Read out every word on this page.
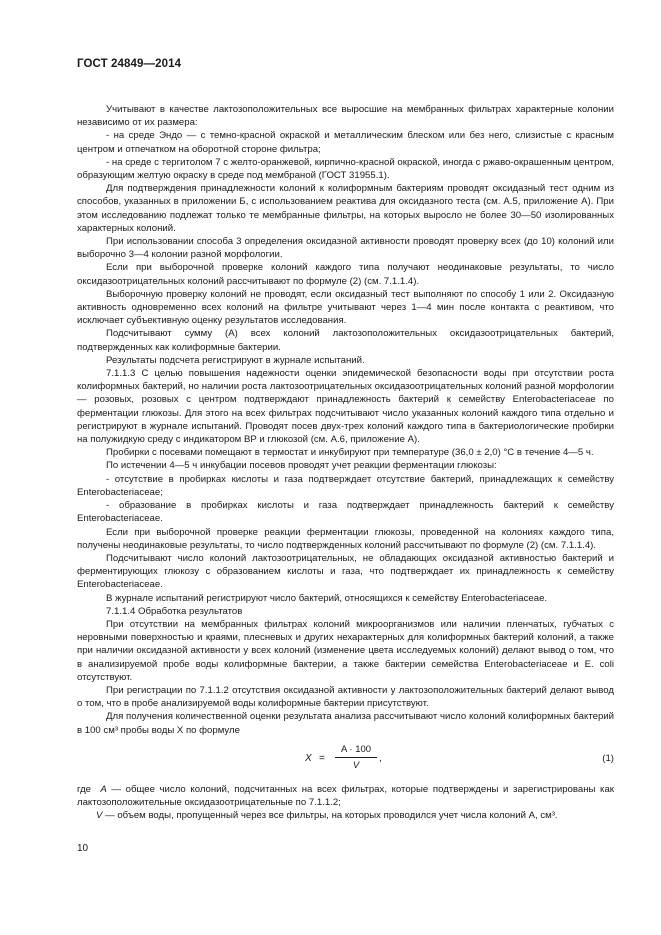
ГОСТ 24849—2014

Учитывают в качестве лактозоположительных все выросшие на мембранных фильтрах характерные колонии независимо от их размера:

- на среде Эндо — с темно-красной окраской и металлическим блеском или без него, слизистые с красным центром и отпечатком на оборотной стороне фильтра;

- на среде с тергитолом 7 с желто-оранжевой, кирпично-красной окраской, иногда с ржаво-окрашенным центром, образующим желтую окраску в среде под мембраной (ГОСТ 31955.1).

Для подтверждения принадлежности колоний к колиформным бактериям проводят оксидазный тест одним из способов, указанных в приложении Б, с использованием реактива для оксидазного теста (см. А.5, приложение А). При этом исследованию подлежат только те мембранные фильтры, на которых выросло не более 30—50 изолированных характерных колоний.

При использовании способа 3 определения оксидазной активности проводят проверку всех (до 10) колоний или выборочно 3—4 колонии разной морфологии.

Если при выборочной проверке колоний каждого типа получают неодинаковые результаты, то число оксидазоотрицательных колоний рассчитывают по формуле (2) (см. 7.1.1.4).

Выборочную проверку колоний не проводят, если оксидазный тест выполняют по способу 1 или 2. Оксидазную активность одновременно всех колоний на фильтре учитывают через 1—4 мин после контакта с реактивом, что исключает субъективную оценку результатов исследования.

Подсчитывают сумму (А) всех колоний лактозоположительных оксидазоотрицательных бактерий, подтвержденных как колиформные бактерии.

Результаты подсчета регистрируют в журнале испытаний.

7.1.1.3 С целью повышения надежности оценки эпидемической безопасности воды при отсутствии роста колиформных бактерий, но наличии роста лактозоотрицательных оксидазоотрицательных колоний разной морфологии — розовых, розовых с центром подтверждают принадлежность бактерий к семейству Enterobacteriaceae по ферментации глюкозы. Для этого на всех фильтрах подсчитывают число указанных колоний каждого типа отдельно и регистрируют в журнале испытаний. Проводят посев двух-трех колоний каждого типа в бактериологические пробирки на полужидкую среду с индикатором ВР и глюкозой (см. А.6, приложение А).

Пробирки с посевами помещают в термостат и инкубируют при температуре (36,0 ± 2,0) °С в течение 4—5 ч.

По истечении 4—5 ч инкубации посевов проводят учет реакции ферментации глюкозы:

- отсутствие в пробирках кислоты и газа подтверждает отсутствие бактерий, принадлежащих к семейству Enterobacteriaceae;

- образование в пробирках кислоты и газа подтверждает принадлежность бактерий к семейству Enterobacteriaceae.

Если при выборочной проверке реакции ферментации глюкозы, проведенной на колониях каждого типа, получены неодинаковые результаты, то число подтвержденных колоний рассчитывают по формуле (2) (см. 7.1.1.4).

Подсчитывают число колоний лактозоотрицательных, не обладающих оксидазной активностью бактерий и ферментирующих глюкозу с образованием кислоты и газа, что подтверждает их принадлежность к семейству Enterobacteriaceae.

В журнале испытаний регистрируют число бактерий, относящихся к семейству Enterobacteriaceae.

7.1.1.4 Обработка результатов

При отсутствии на мембранных фильтрах колоний микроорганизмов или наличии пленчатых, губчатых с неровными поверхностью и краями, плесневых и других нехарактерных для колиформных бактерий колоний, а также при наличии оксидазной активности у всех колоний (изменение цвета исследуемых колоний) делают вывод о том, что в анализируемой пробе воды колиформные бактерии, а также бактерии семейства Enterobacteriaceae и E. coli отсутствуют.

При регистрации по 7.1.1.2 отсутствия оксидазной активности у лактозоположительных бактерий делают вывод о том, что в пробе анализируемой воды колиформные бактерии присутствуют.

Для получения количественной оценки результата анализа рассчитывают число колоний колиформных бактерий в 100 см³ пробы воды X по формуле

$X = \frac{A \cdot 100}{V}$ ,	(1)

где A — общее число колоний, подсчитанных на всех фильтрах, которые подтверждены и зарегистрированы как лактозоположительные оксидазоотрицательные по 7.1.1.2;

V — объем воды, пропущенный через все фильтры, на которых проводился учет числа колоний А, см³.

10
